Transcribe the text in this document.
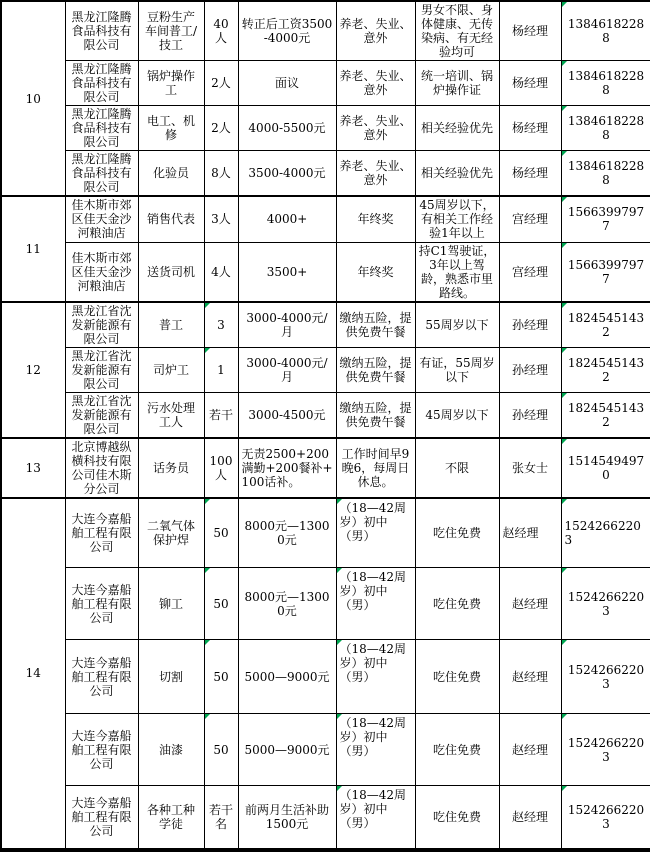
10	黑龙江隆腾食品科技有限公司	豆粉生产车间普工/技工	40人	转正后工资3500-4000元	养老、失业、意外	男女不限、身体健康、无传染病、有无经验均可	杨经理	13846182288
	黑龙江隆腾食品科技有限公司	锅炉操作工	2人	面议	养老、失业、意外	统一培训、锅炉操作证	杨经理	13846182288
	黑龙江隆腾食品科技有限公司	电工、机修	2人	4000-5500元	养老、失业、意外	相关经验优先	杨经理	13846182288
	黑龙江隆腾食品科技有限公司	化验员	8人	3500-4000元	养老、失业、意外	相关经验优先	杨经理	13846182288
11	佳木斯市郊区佳天金沙河粮油店	销售代表	3人	4000+	年终奖	45周岁以下，有相关工作经验1年以上	宫经理	15663997977
	佳木斯市郊区佳天金沙河粮油店	送货司机	4人	3500+	年终奖	持C1驾驶证，3年以上驾龄，熟悉市里路线。	宫经理	15663997977
12	黑龙江省沈发新能源有限公司	普工	3	3000-4000元/月	缴纳五险，提供免费午餐	55周岁以下	孙经理	18245451432
	黑龙江省沈发新能源有限公司	司炉工	1	3000-4000元/月	缴纳五险，提供免费午餐	有证，55周岁以下	孙经理	18245451432
	黑龙江省沈发新能源有限公司	污水处理工人	若干	3000-4500元	缴纳五险，提供免费午餐	45周岁以下	孙经理	18245451432
13	北京博越纵横科技有限公司佳木斯分公司	话务员	100人	无责2500+200满勤+200餐补+100话补。	工作时间早9晚6，每周日休息。	不限	张女士	15145494970
14	大连今嘉船舶工程有限公司	二氧气体保护焊	50	8000元—13000元	（18—42周岁）初中（男）	吃住免费	赵经理	15242662203
	大连今嘉船舶工程有限公司	铆工	50	8000元—13000元	（18—42周岁）初中（男）	吃住免费	赵经理	15242662203
	大连今嘉船舶工程有限公司	切割	50	5000—9000元	（18—42周岁）初中（男）	吃住免费	赵经理	15242662203
	大连今嘉船舶工程有限公司	油漆	50	5000—9000元	（18—42周岁）初中（男）	吃住免费	赵经理	15242662203
	大连今嘉船舶工程有限公司	各种工种学徒	若干名	前两月生活补助1500元	（18—42周岁）初中（男）	吃住免费	赵经理	15242662203
